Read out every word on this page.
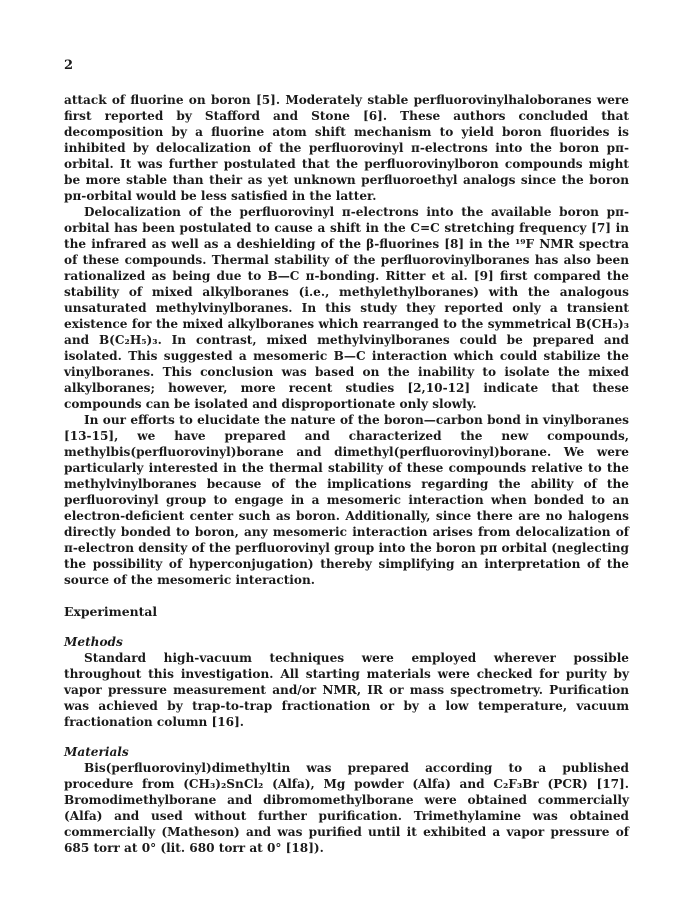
2

attack of fluorine on boron [5]. Moderately stable perfluorovinylhaloboranes were first reported by Stafford and Stone [6]. These authors concluded that decomposition by a fluorine atom shift mechanism to yield boron fluorides is inhibited by delocalization of the perfluorovinyl π-electrons into the boron pπ-orbital. It was further postulated that the perfluorovinylboron compounds might be more stable than their as yet unknown perfluoroethyl analogs since the boron pπ-orbital would be less satisfied in the latter.

Delocalization of the perfluorovinyl π-electrons into the available boron pπ-orbital has been postulated to cause a shift in the C=C stretching frequency [7] in the infrared as well as a deshielding of the β-fluorines [8] in the ¹⁹F NMR spectra of these compounds. Thermal stability of the perfluorovinylboranes has also been rationalized as being due to B—C π-bonding. Ritter et al. [9] first compared the stability of mixed alkylboranes (i.e., methylethylboranes) with the analogous unsaturated methylvinylboranes. In this study they reported only a transient existence for the mixed alkylboranes which rearranged to the symmetrical B(CH₃)₃ and B(C₂H₅)₃. In contrast, mixed methylvinylboranes could be prepared and isolated. This suggested a mesomeric B—C interaction which could stabilize the vinylboranes. This conclusion was based on the inability to isolate the mixed alkylboranes; however, more recent studies [2,10-12] indicate that these compounds can be isolated and disproportionate only slowly.

In our efforts to elucidate the nature of the boron—carbon bond in vinylboranes [13-15], we have prepared and characterized the new compounds, methylbis(perfluorovinyl)borane and dimethyl(perfluorovinyl)borane. We were particularly interested in the thermal stability of these compounds relative to the methylvinylboranes because of the implications regarding the ability of the perfluorovinyl group to engage in a mesomeric interaction when bonded to an electron-deficient center such as boron. Additionally, since there are no halogens directly bonded to boron, any mesomeric interaction arises from delocalization of π-electron density of the perfluorovinyl group into the boron pπ orbital (neglecting the possibility of hyperconjugation) thereby simplifying an interpretation of the source of the mesomeric interaction.

Experimental
Methods

Standard high-vacuum techniques were employed wherever possible throughout this investigation. All starting materials were checked for purity by vapor pressure measurement and/or NMR, IR or mass spectrometry. Purification was achieved by trap-to-trap fractionation or by a low temperature, vacuum fractionation column [16].

Materials

Bis(perfluorovinyl)dimethyltin was prepared according to a published procedure from (CH₃)₂SnCl₂ (Alfa), Mg powder (Alfa) and C₂F₃Br (PCR) [17]. Bromodimethylborane and dibromomethylborane were obtained commercially (Alfa) and used without further purification. Trimethylamine was obtained commercially (Matheson) and was purified until it exhibited a vapor pressure of 685 torr at 0° (lit. 680 torr at 0° [18]).
